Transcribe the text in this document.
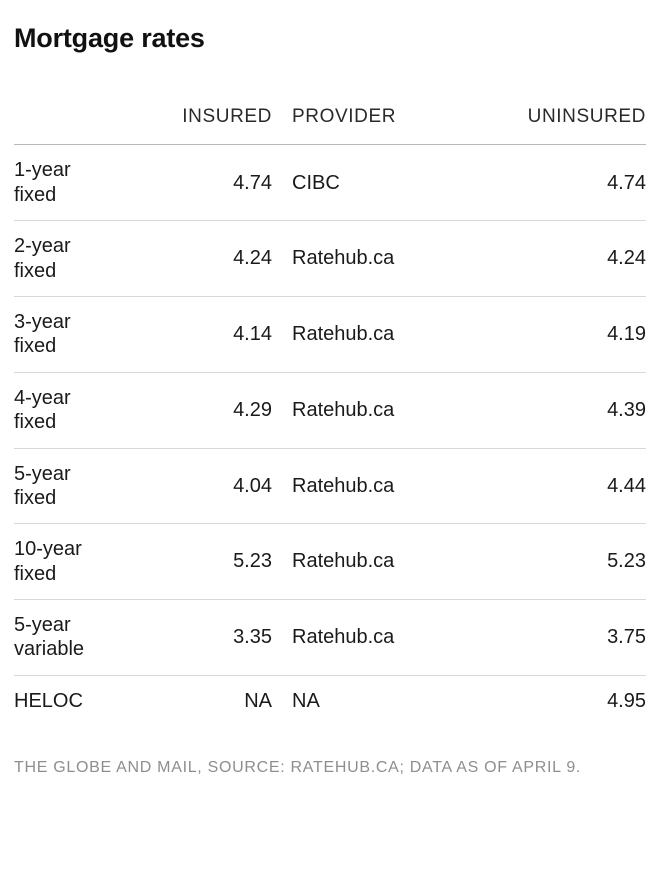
Mortgage rates
	INSURED	PROVIDER	UNINSURED

1-year
fixed	4.74	CIBC	4.74

2-year
fixed	4.24	Ratehub.ca	4.24

3-year
fixed	4.14	Ratehub.ca	4.19

4-year
fixed	4.29	Ratehub.ca	4.39

5-year
fixed	4.04	Ratehub.ca	4.44

10-year
fixed	5.23	Ratehub.ca	5.23

5-year
variable	3.35	Ratehub.ca	3.75

HELOC	NA	NA	4.95
THE GLOBE AND MAIL, SOURCE: RATEHUB.CA; DATA AS OF APRIL 9.
